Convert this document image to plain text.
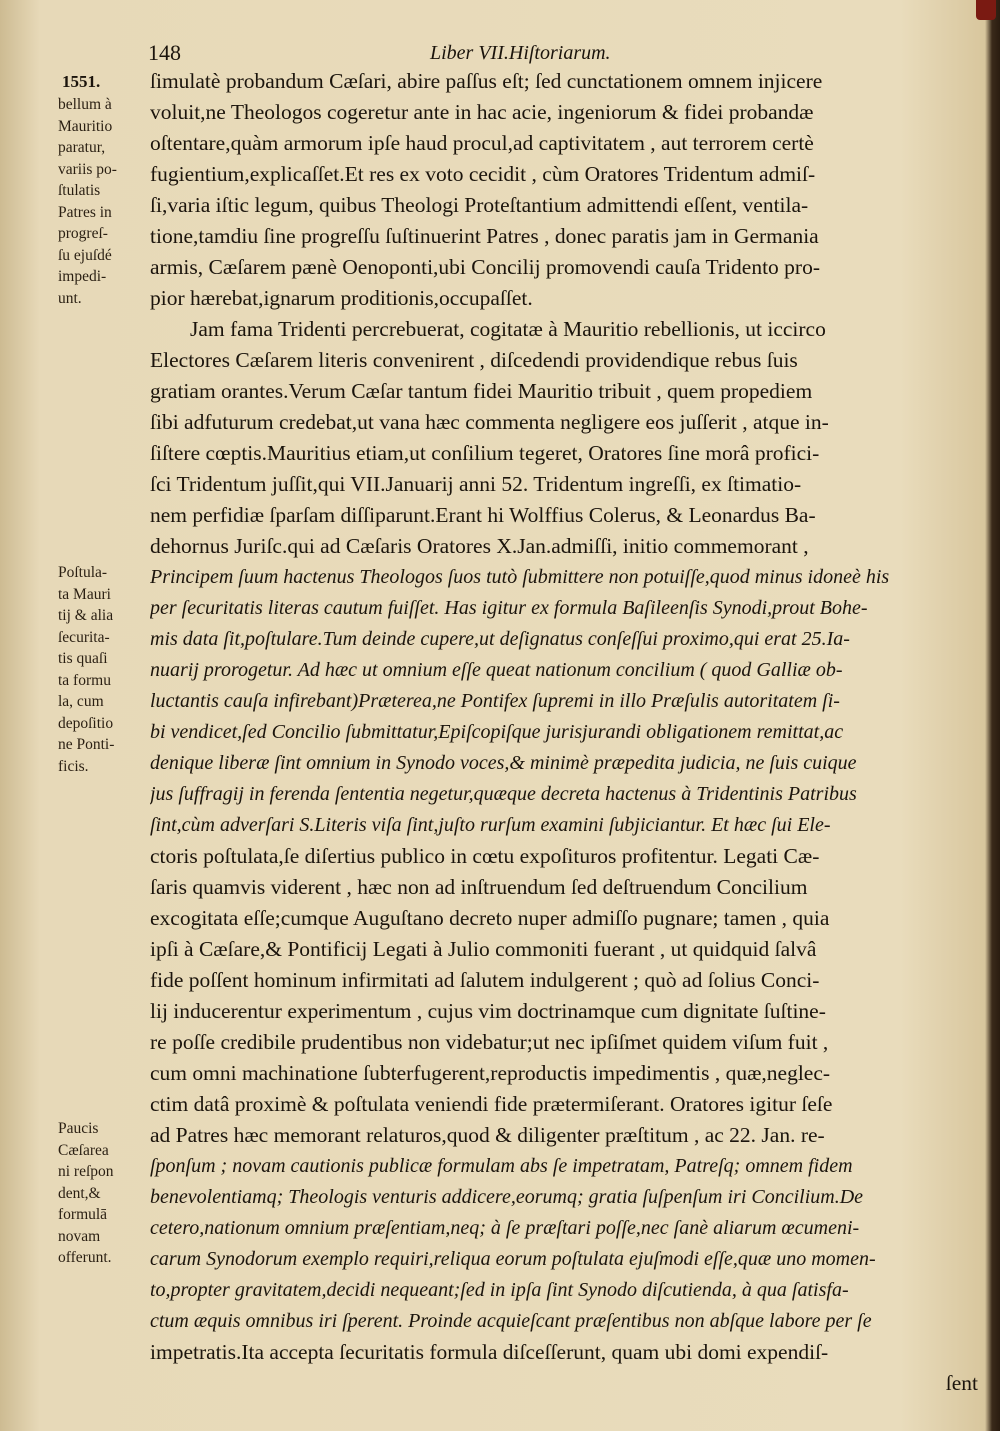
148	Liber VII.Hiſtoriarum.
1551.
bellum à
Mauritio
paratur,
variis po-
ſtulatis
Patres in
progreſ-
ſu ejuſdé
impedi-
unt.
Poſtula-
ta Mauri
tij & alia
ſecurita-
tis quaſi
ta formu
la, cum
depoſitio
ne Ponti-
ficis.
Paucis
Cæſarea
ni reſpon
dent,&
formulā
novam
offerunt.
ſimulatè probandum Cæſari, abire paſſus eſt; ſed cunctationem omnem injicere
voluit,ne Theologos cogeretur ante in hac acie, ingeniorum & fidei probandæ
oſtentare,quàm armorum ipſe haud procul,ad captivitatem , aut terrorem certè
fugientium,explicaſſet.Et res ex voto cecidit , cùm Oratores Tridentum admiſ-
ſi,varia iſtic legum, quibus Theologi Proteſtantium admittendi eſſent, ventila-
tione,tamdiu ſine progreſſu ſuſtinuerint Patres , donec paratis jam in Germania
armis, Cæſarem pænè Oenoponti,ubi Concilij promovendi cauſa Tridento pro-
pior hærebat,ignarum proditionis,occupaſſet.
Jam fama Tridenti percrebuerat, cogitatæ à Mauritio rebellionis, ut iccirco
Electores Cæſarem literis convenirent , diſcedendi providendique rebus ſuis
gratiam orantes.Verum Cæſar tantum fidei Mauritio tribuit , quem propediem
ſibi adfuturum credebat,ut vana hæc commenta negligere eos juſſerit , atque in-
ſiſtere cœptis.Mauritius etiam,ut conſilium tegeret, Oratores ſine morâ profici-
ſci Tridentum juſſit,qui VII.Januarij anni 52. Tridentum ingreſſi, ex ſtimatio-
nem perfidiæ ſparſam diſſiparunt.Erant hi Wolffius Colerus, & Leonardus Ba-
dehornus Juriſc.qui ad Cæſaris Oratores X.Jan.admiſſi, initio commemorant ,
Principem ſuum hactenus Theologos ſuos tutò ſubmittere non potuiſſe,quod minus idoneè his
per ſecuritatis literas cautum fuiſſet. Has igitur ex formula Baſileenſis Synodi,prout Bohe-
mis data ſit,poſtulare.Tum deinde cupere,ut deſignatus conſeſſui proximo,qui erat 25.Ia-
nuarij prorogetur. Ad hæc ut omnium eſſe queat nationum concilium ( quod Galliæ ob-
luctantis cauſa infirebant)Præterea,ne Pontifex ſupremi in illo Præſulis autoritatem ſi-
bi vendicet,ſed Concilio ſubmittatur,Epiſcopiſque jurisjurandi obligationem remittat,ac
denique liberæ ſint omnium in Synodo voces,& minimè præpedita judicia, ne ſuis cuique
jus ſuffragij in ferenda ſententia negetur,quæque decreta hactenus à Tridentinis Patribus
ſint,cùm adverſari S.Literis viſa ſint,juſto rurſum examini ſubjiciantur. Et hæc ſui Ele-
ctoris poſtulata,ſe diſertius publico in cœtu expoſituros profitentur. Legati Cæ-
ſaris quamvis viderent , hæc non ad inſtruendum ſed deſtruendum Concilium
excogitata eſſe;cumque Auguſtano decreto nuper admiſſo pugnare; tamen , quia
ipſi à Cæſare,& Pontificij Legati à Julio commoniti fuerant , ut quidquid ſalvâ
fide poſſent hominum infirmitati ad ſalutem indulgerent ; quò ad ſolius Conci-
lij inducerentur experimentum , cujus vim doctrinamque cum dignitate ſuſtine-
re poſſe credibile prudentibus non videbatur;ut nec ipſiſmet quidem viſum fuit ,
cum omni machinatione ſubterfugerent,reproductis impedimentis , quæ,neglec-
ctim datâ proximè & poſtulata veniendi fide prætermiſerant. Oratores igitur ſeſe
ad Patres hæc memorant relaturos,quod & diligenter præſtitum , ac 22. Jan. re-
ſponſum ; novam cautionis publicæ formulam abs ſe impetratam, Patreſq; omnem fidem
benevolentiamq; Theologis venturis addicere,eorumq; gratia ſuſpenſum iri Concilium.De
cetero,nationum omnium præſentiam,neq; à ſe præſtari poſſe,nec ſanè aliarum œcumeni-
carum Synodorum exemplo requiri,reliqua eorum poſtulata ejuſmodi eſſe,quæ uno momen-
to,propter gravitatem,decidi nequeant;ſed in ipſa ſint Synodo diſcutienda, à qua ſatisfa-
ctum æquis omnibus iri ſperent. Proinde acquieſcant præſentibus non abſque labore per ſe
impetratis.Ita accepta ſecuritatis formula diſceſſerunt, quam ubi domi expendiſ-
ſent
